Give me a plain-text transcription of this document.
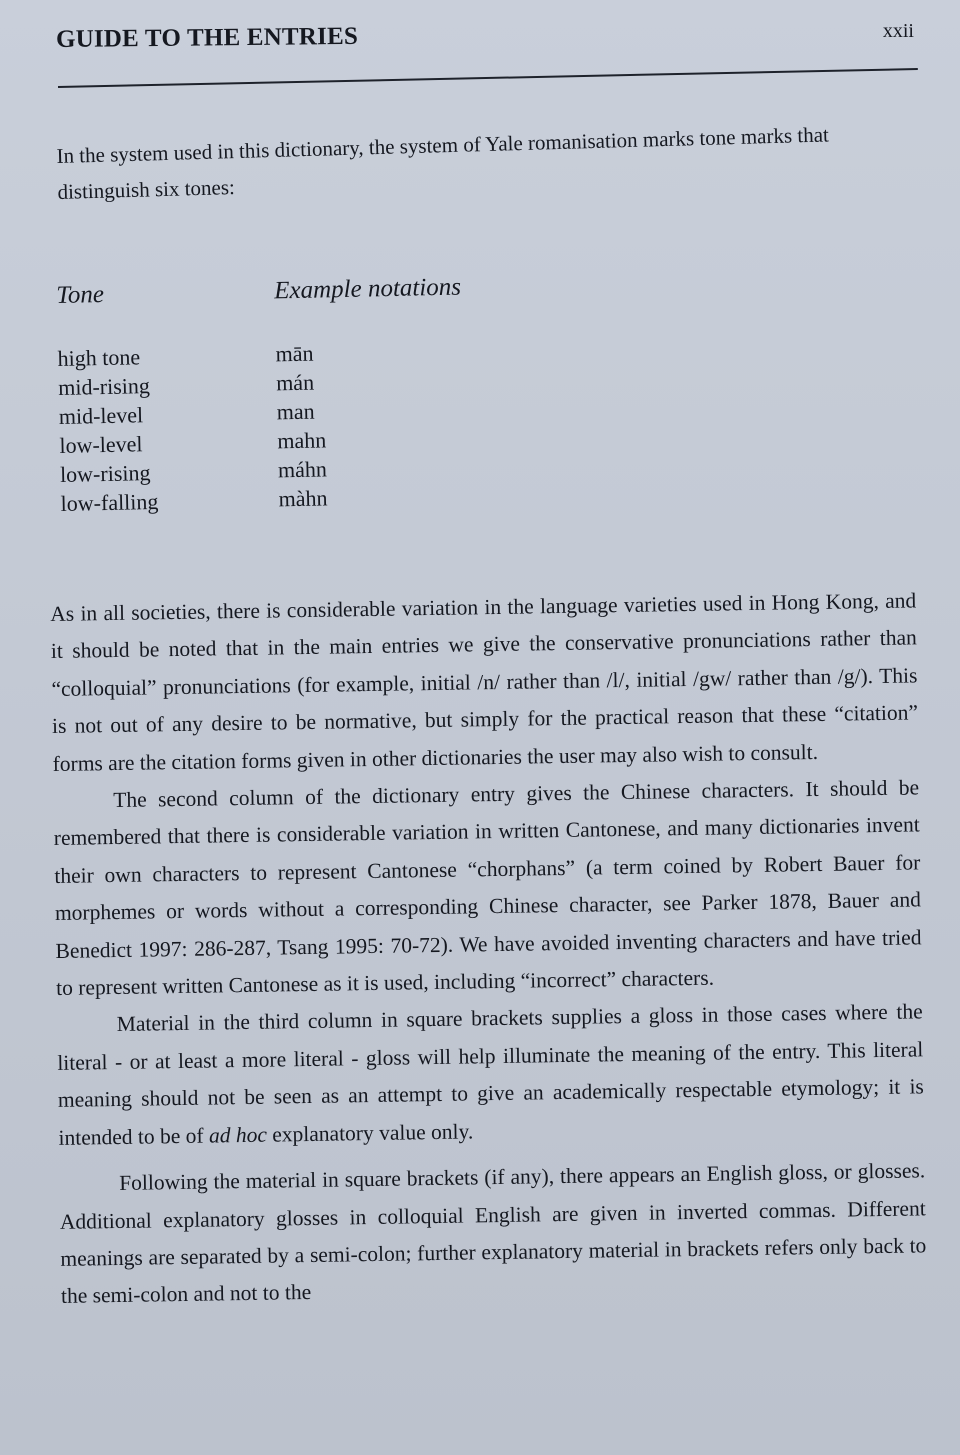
GUIDE TO THE ENTRIES	xxii
In the system used in this dictionary, the system of Yale romanisation marks tone marks that distinguish six tones:
Tone	Example notations
high tone	mān
mid-rising	mán
mid-level	man
low-level	mahn
low-rising	máhn
low-falling	màhn

As in all societies, there is considerable variation in the language varieties used in Hong Kong, and it should be noted that in the main entries we give the conservative pronunciations rather than “colloquial” pronunciations (for example, initial /n/ rather than /l/, initial /gw/ rather than /g/). This is not out of any desire to be normative, but simply for the practical reason that these “citation” forms are the citation forms given in other dictionaries the user may also wish to consult.

The second column of the dictionary entry gives the Chinese characters. It should be remembered that there is considerable variation in written Cantonese, and many dictionaries invent their own characters to represent Cantonese “chorphans” (a term coined by Robert Bauer for morphemes or words without a corresponding Chinese character, see Parker 1878, Bauer and Benedict 1997: 286-287, Tsang 1995: 70-72). We have avoided inventing characters and have tried to represent written Cantonese as it is used, including “incorrect” characters.

Material in the third column in square brackets supplies a gloss in those cases where the literal - or at least a more literal - gloss will help illuminate the meaning of the entry. This literal meaning should not be seen as an attempt to give an academically respectable etymology; it is intended to be of ad hoc explanatory value only.

Following the material in square brackets (if any), there appears an English gloss, or glosses. Additional explanatory glosses in colloquial English are given in inverted commas. Different meanings are separated by a semi-colon; further explanatory material in brackets refers only back to the semi-colon and not to the
